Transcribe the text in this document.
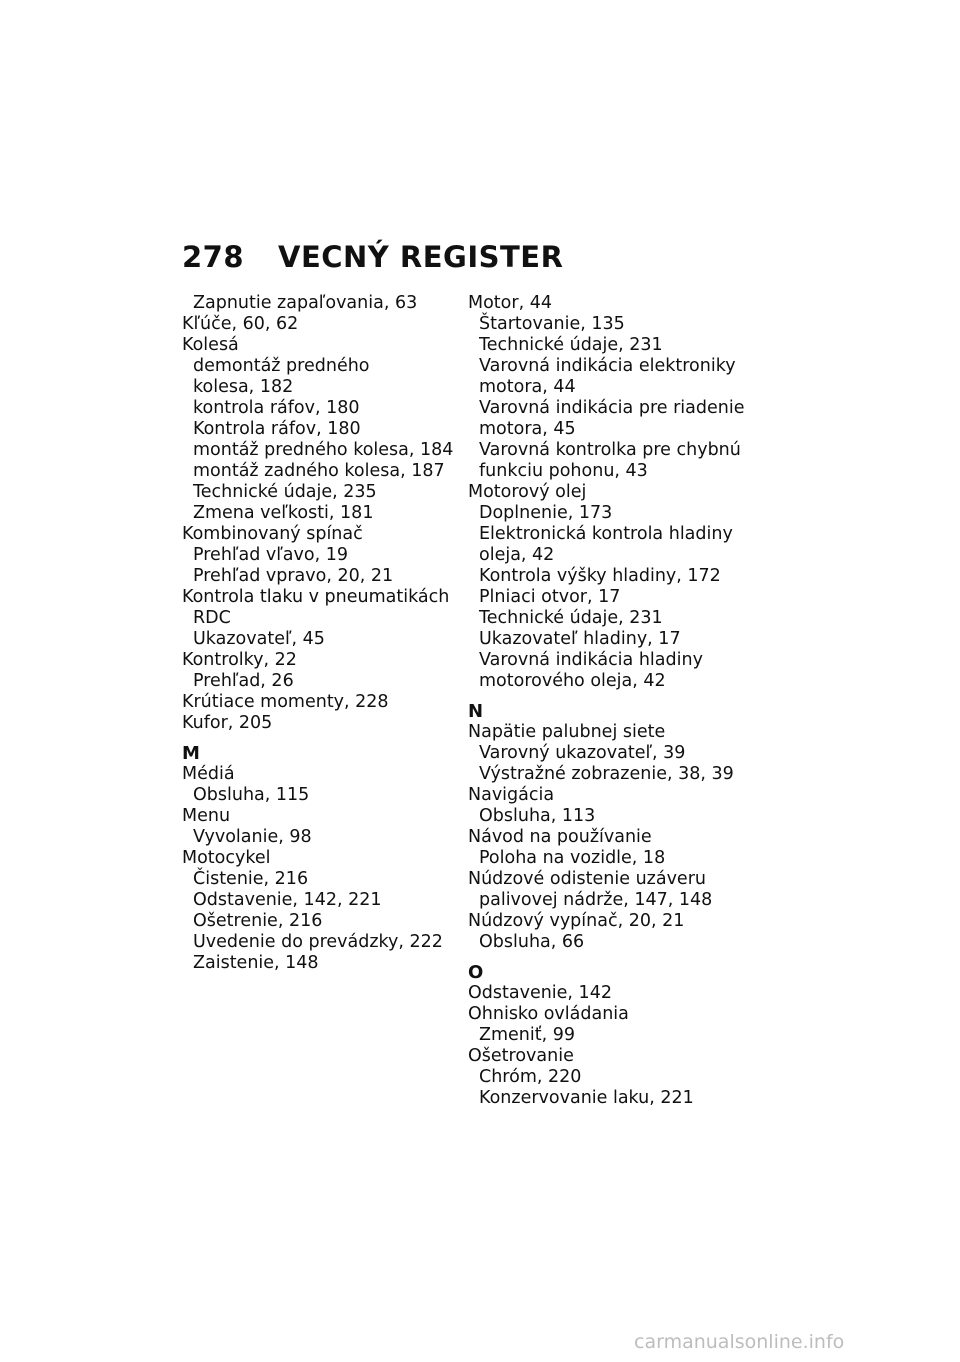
278 VECNÝ REGISTER
Zapnutie zapaľovania, 63
Kľúče, 60, 62
Kolesá
demontáž predného
kolesa, 182
kontrola ráfov, 180
Kontrola ráfov, 180
montáž predného kolesa, 184
montáž zadného kolesa, 187
Technické údaje, 235
Zmena veľkosti, 181
Kombinovaný spínač
Prehľad vľavo, 19
Prehľad vpravo, 20, 21
Kontrola tlaku v pneumatikách
RDC
Ukazovateľ, 45
Kontrolky, 22
Prehľad, 26
Krútiace momenty, 228
Kufor, 205
M
Médiá
Obsluha, 115
Menu
Vyvolanie, 98
Motocykel
Čistenie, 216
Odstavenie, 142, 221
Ošetrenie, 216
Uvedenie do prevádzky, 222
Zaistenie, 148
Motor, 44
Štartovanie, 135
Technické údaje, 231
Varovná indikácia elektroniky
motora, 44
Varovná indikácia pre riadenie
motora, 45
Varovná kontrolka pre chybnú
funkciu pohonu, 43
Motorový olej
Doplnenie, 173
Elektronická kontrola hladiny
oleja, 42
Kontrola výšky hladiny, 172
Plniaci otvor, 17
Technické údaje, 231
Ukazovateľ hladiny, 17
Varovná indikácia hladiny
motorového oleja, 42
N
Napätie palubnej siete
Varovný ukazovateľ, 39
Výstražné zobrazenie, 38, 39
Navigácia
Obsluha, 113
Návod na používanie
Poloha na vozidle, 18
Núdzové odistenie uzáveru
palivovej nádrže, 147, 148
Núdzový vypínač, 20, 21
Obsluha, 66
O
Odstavenie, 142
Ohnisko ovládania
Zmeniť, 99
Ošetrovanie
Chróm, 220
Konzervovanie laku, 221
carmanualsonline.info
